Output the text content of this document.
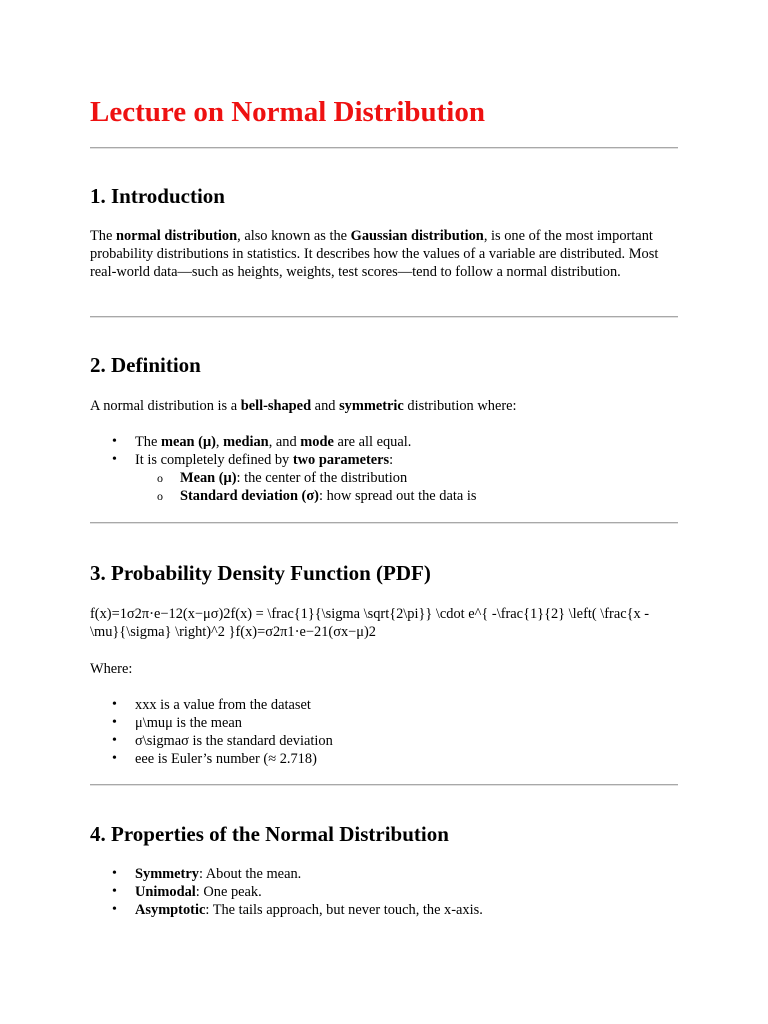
Lecture on Normal Distribution
1. Introduction

The normal distribution, also known as the Gaussian distribution, is one of the most important probability distributions in statistics. It describes how the values of a variable are distributed. Most real-world data—such as heights, weights, test scores—tend to follow a normal distribution.

2. Definition

A normal distribution is a bell-shaped and symmetric distribution where:

• The mean (μ), median, and mode are all equal.
• It is completely defined by two parameters:
o Mean (μ): the center of the distribution
o Standard deviation (σ): how spread out the data is
3. Probability Density Function (PDF)

f(x)=1σ2π⋅e−12(x−μσ)2f(x) = \frac{1}{\sigma \sqrt{2\pi}} \cdot e^{ -\frac{1}{2} \left( \frac{x - \mu}{\sigma} \right)^2 }f(x)=σ2π1⋅e−21(σx−μ)2

Where:

• xxx is a value from the dataset
• μ\muμ is the mean
• σ\sigmaσ is the standard deviation
• eee is Euler’s number (≈ 2.718)
4. Properties of the Normal Distribution
• Symmetry: About the mean.
• Unimodal: One peak.
• Asymptotic: The tails approach, but never touch, the x-axis.
